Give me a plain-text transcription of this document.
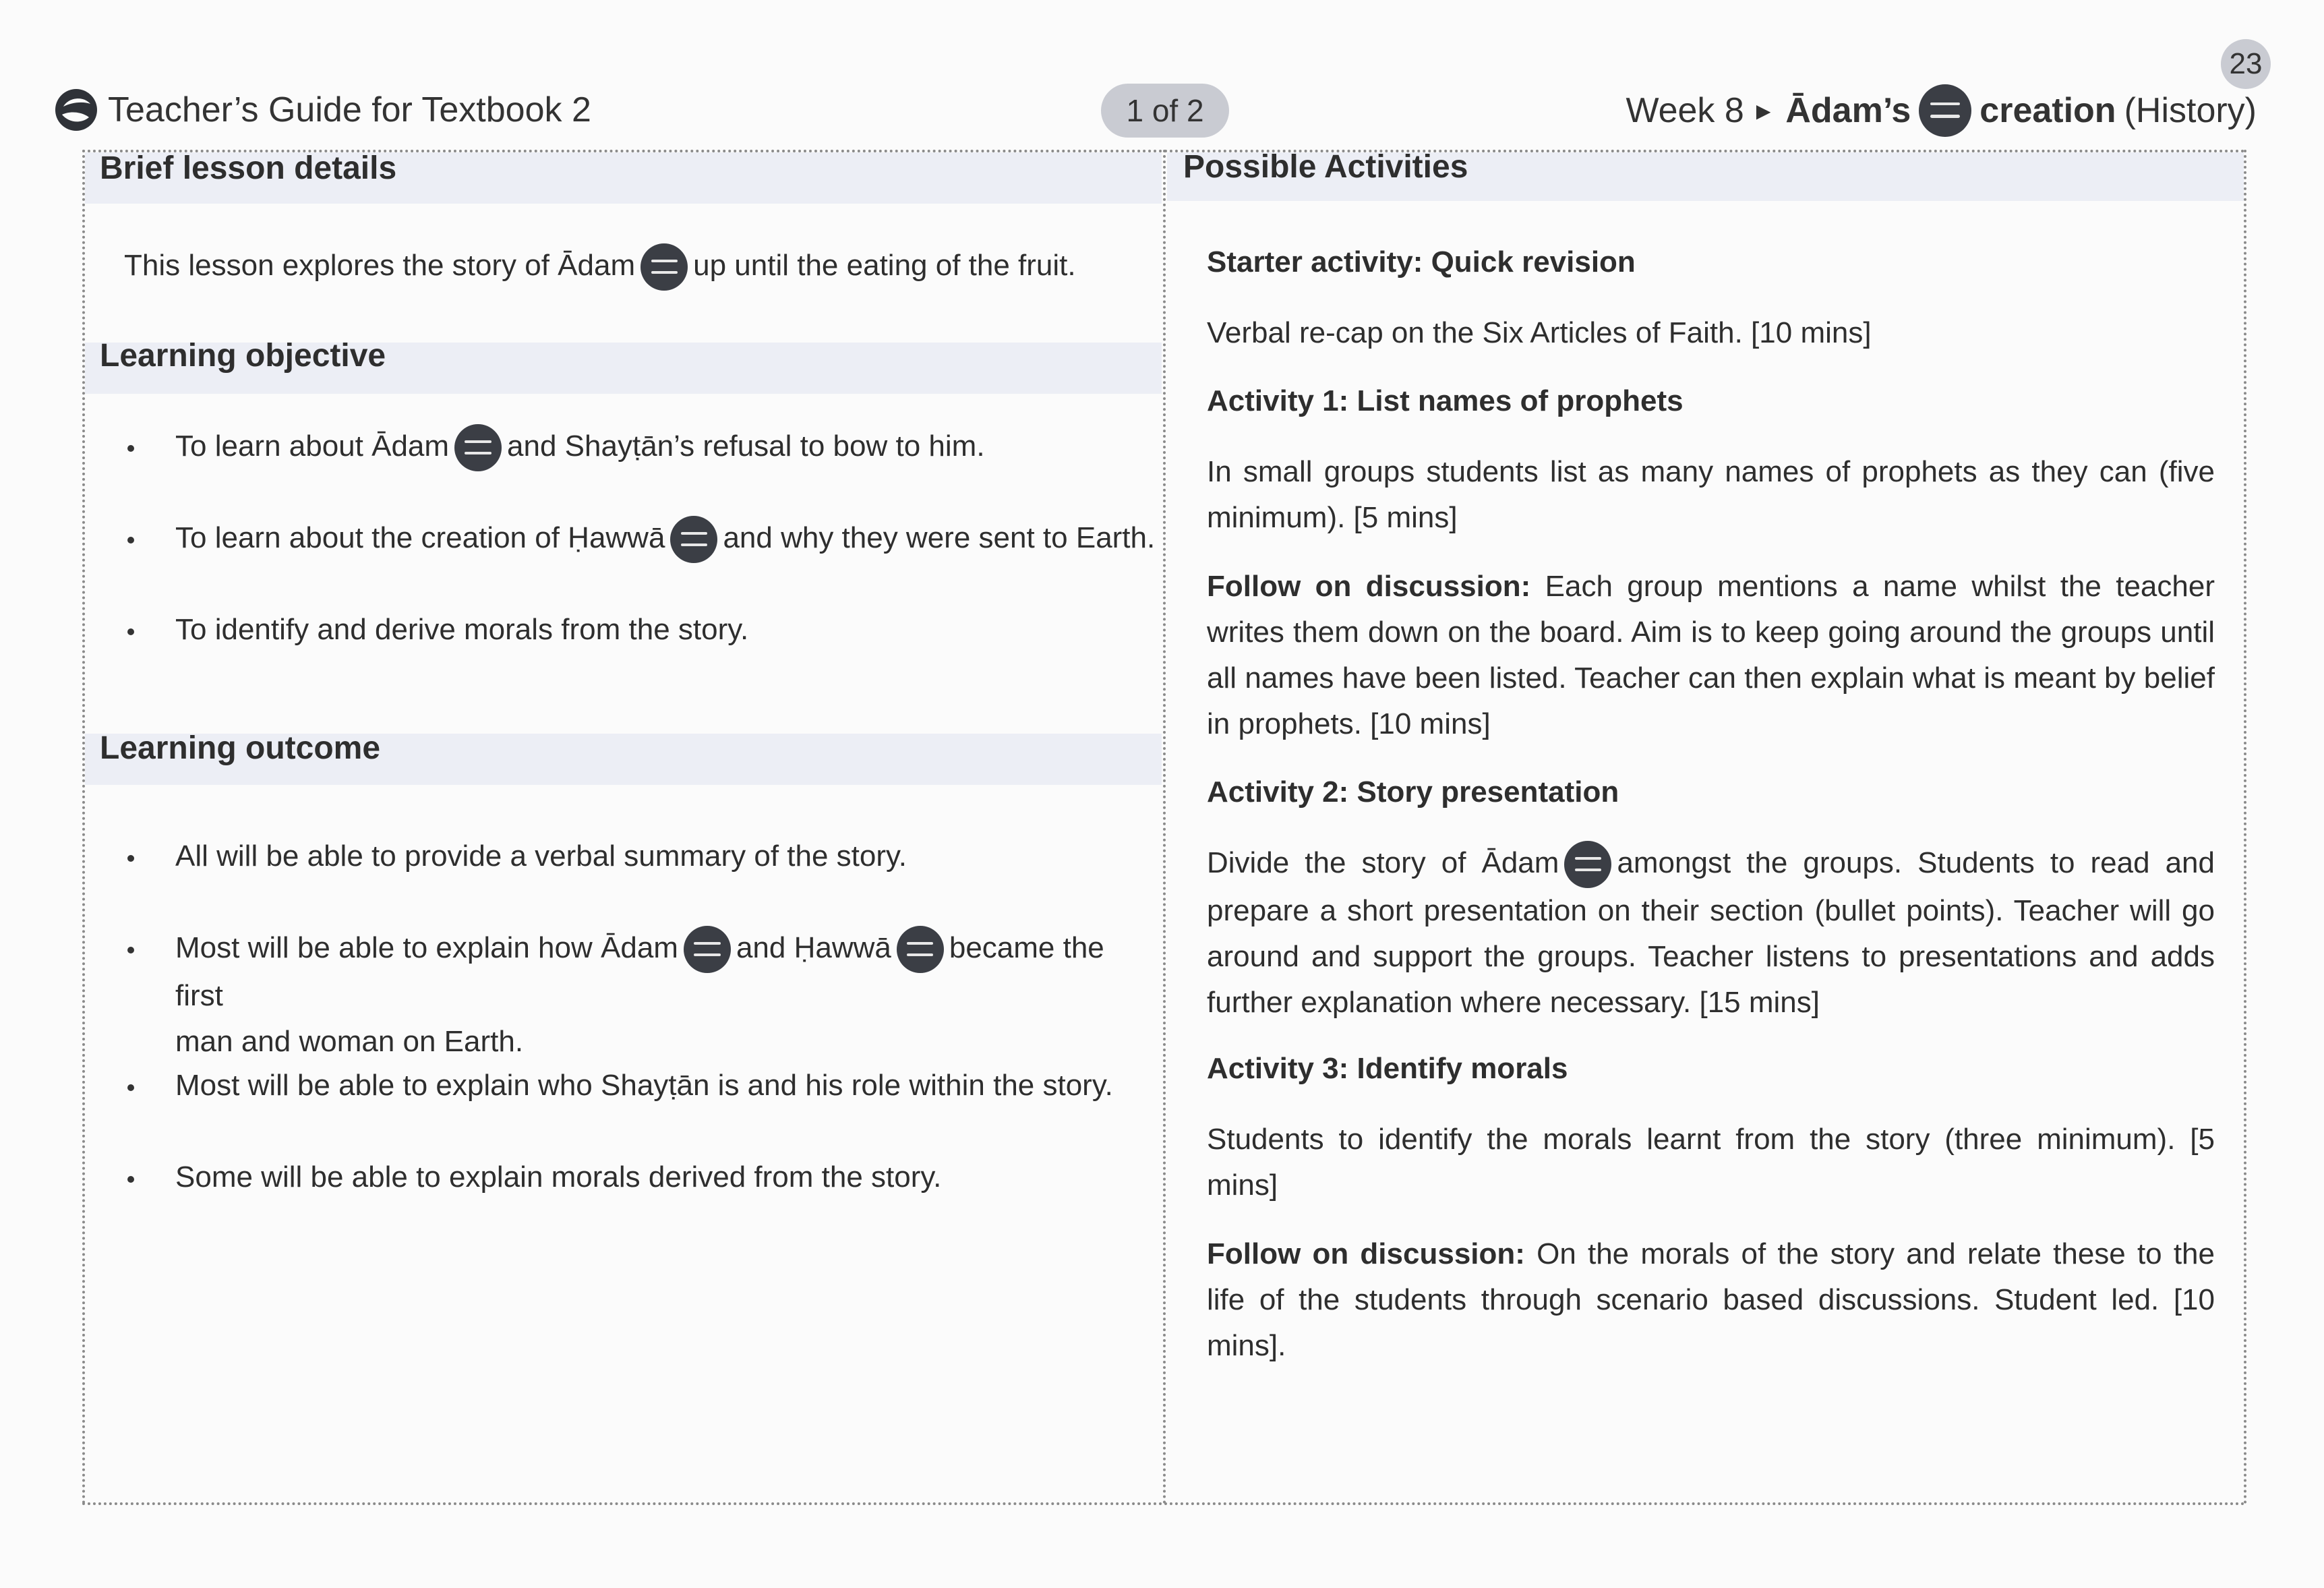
23
Teacher’s Guide for Textbook 2	1 of 2	Week 8 ▶ Ādam’s creation (History)
Brief lesson details
This lesson explores the story of Ādam up until the eating of the fruit.
Learning objective
To learn about Ādam and Shayṭān’s refusal to bow to him.
To learn about the creation of Ḥawwā and why they were sent to Earth.
To identify and derive morals from the story.
Learning outcome
All will be able to provide a verbal summary of the story.
Most will be able to explain how Ādam and Ḥawwā became the first
man and woman on Earth.
Most will be able to explain who Shayṭān is and his role within the story.
Some will be able to explain morals derived from the story.
Possible Activities
Starter activity: Quick revision
Verbal re-cap on the Six Articles of Faith. [10 mins]
Activity 1: List names of prophets
In small groups students list as many names of prophets as they can (five minimum). [5 mins]
Follow on discussion: Each group mentions a name whilst the teacher writes them down on the board. Aim is to keep going around the groups until all names have been listed. Teacher can then explain what is meant by belief in prophets. [10 mins]
Activity 2: Story presentation
Divide the story of Ādam amongst the groups. Students to read and prepare a short presentation on their section (bullet points). Teacher will go around and support the groups. Teacher listens to presentations and adds further explanation where necessary. [15 mins]
Activity 3: Identify morals
Students to identify the morals learnt from the story (three minimum). [5 mins]
Follow on discussion: On the morals of the story and relate these to the life of the students through scenario based discussions. Student led. [10 mins].
